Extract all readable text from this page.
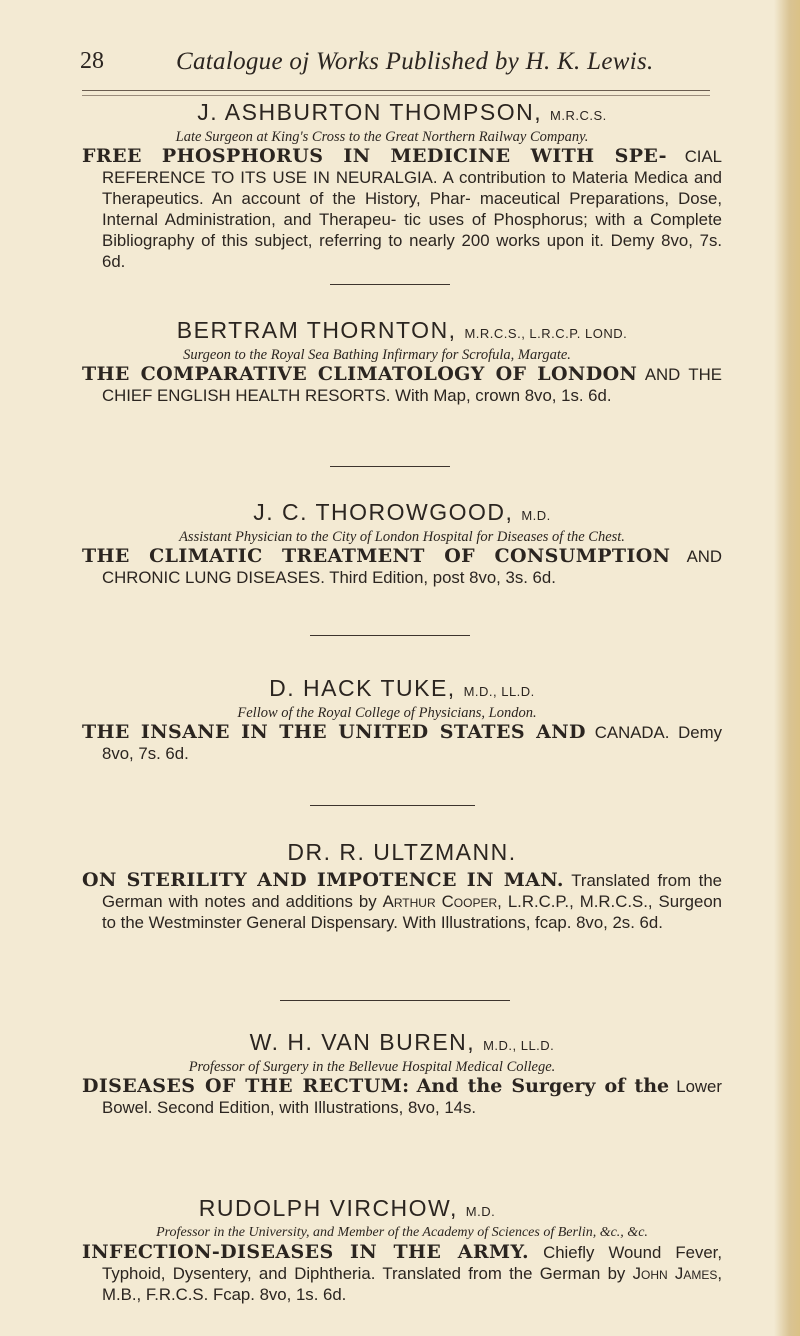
28	Catalogue oj Works Published by H. K. Lewis.
J. ASHBURTON THOMPSON, M.R.C.S.
Late Surgeon at King's Cross to the Great Northern Railway Company.
FREE PHOSPHORUS IN MEDICINE WITH SPE- CIAL REFERENCE TO ITS USE IN NEURALGIA. A contribution to Materia Medica and Therapeutics. An account of the History, Phar- maceutical Preparations, Dose, Internal Administration, and Therapeu- tic uses of Phosphorus; with a Complete Bibliography of this subject, referring to nearly 200 works upon it. Demy 8vo, 7s. 6d.
BERTRAM THORNTON, M.R.C.S., L.R.C.P. LOND.
Surgeon to the Royal Sea Bathing Infirmary for Scrofula, Margate.
THE COMPARATIVE CLIMATOLOGY OF LONDON AND THE CHIEF ENGLISH HEALTH RESORTS. With Map, crown 8vo, 1s. 6d.
J. C. THOROWGOOD, M.D.
Assistant Physician to the City of London Hospital for Diseases of the Chest.
THE CLIMATIC TREATMENT OF CONSUMPTION AND CHRONIC LUNG DISEASES. Third Edition, post 8vo, 3s. 6d.
D. HACK TUKE, M.D., LL.D.
Fellow of the Royal College of Physicians, London.
THE INSANE IN THE UNITED STATES AND CANADA. Demy 8vo, 7s. 6d.
DR. R. ULTZMANN.
ON STERILITY AND IMPOTENCE IN MAN. Translated from the German with notes and additions by Arthur Cooper, L.R.C.P., M.R.C.S., Surgeon to the Westminster General Dispensary. With Illustrations, fcap. 8vo, 2s. 6d.
W. H. VAN BUREN, M.D., LL.D.
Professor of Surgery in the Bellevue Hospital Medical College.
DISEASES OF THE RECTUM: And the Surgery of the Lower Bowel. Second Edition, with Illustrations, 8vo, 14s.
RUDOLPH VIRCHOW, M.D.
Professor in the University, and Member of the Academy of Sciences of Berlin, &c., &c.
INFECTION-DISEASES IN THE ARMY. Chiefly Wound Fever, Typhoid, Dysentery, and Diphtheria. Translated from the German by John James, M.B., F.R.C.S. Fcap. 8vo, 1s. 6d.
